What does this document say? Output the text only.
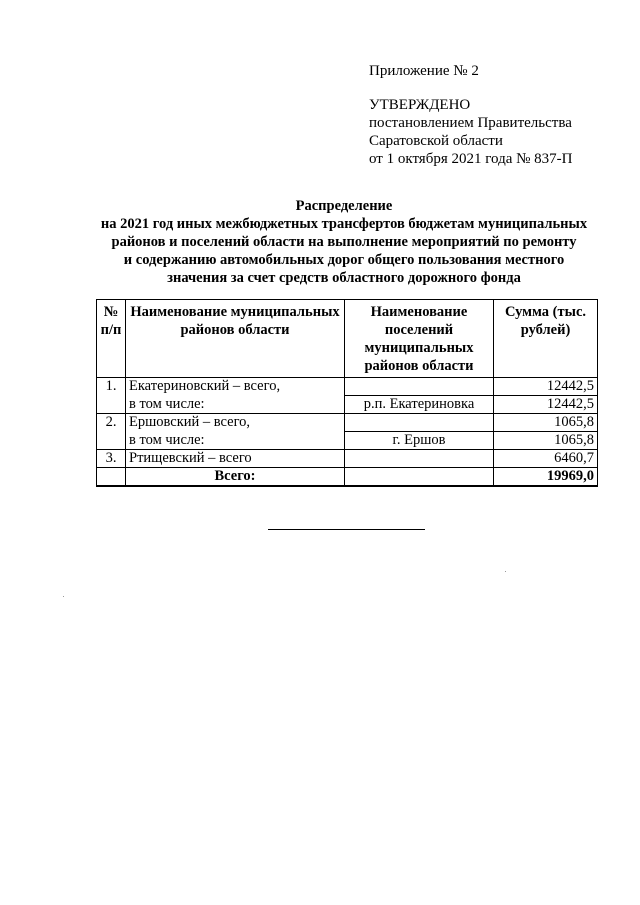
Приложение № 2
УТВЕРЖДЕНО
постановлением Правительства
Саратовской области
от 1 октября 2021 года № 837-П
Распределение
на 2021 год иных межбюджетных трансфертов бюджетам муниципальных
районов и поселений области на выполнение мероприятий по ремонту
и содержанию автомобильных дорог общего пользования местного
значения за счет средств областного дорожного фонда
№ п/п	Наименование муниципальных районов области	Наименование поселений муниципальных районов области	Сумма (тыс. рублей)
1.	Екатериновский – всего,		12442,5
	в том числе:	р.п. Екатериновка	12442,5
2.	Ершовский – всего,		1065,8
	в том числе:	г. Ершов	1065,8
3.	Ртищевский – всего		6460,7
	Всего:		19969,0
